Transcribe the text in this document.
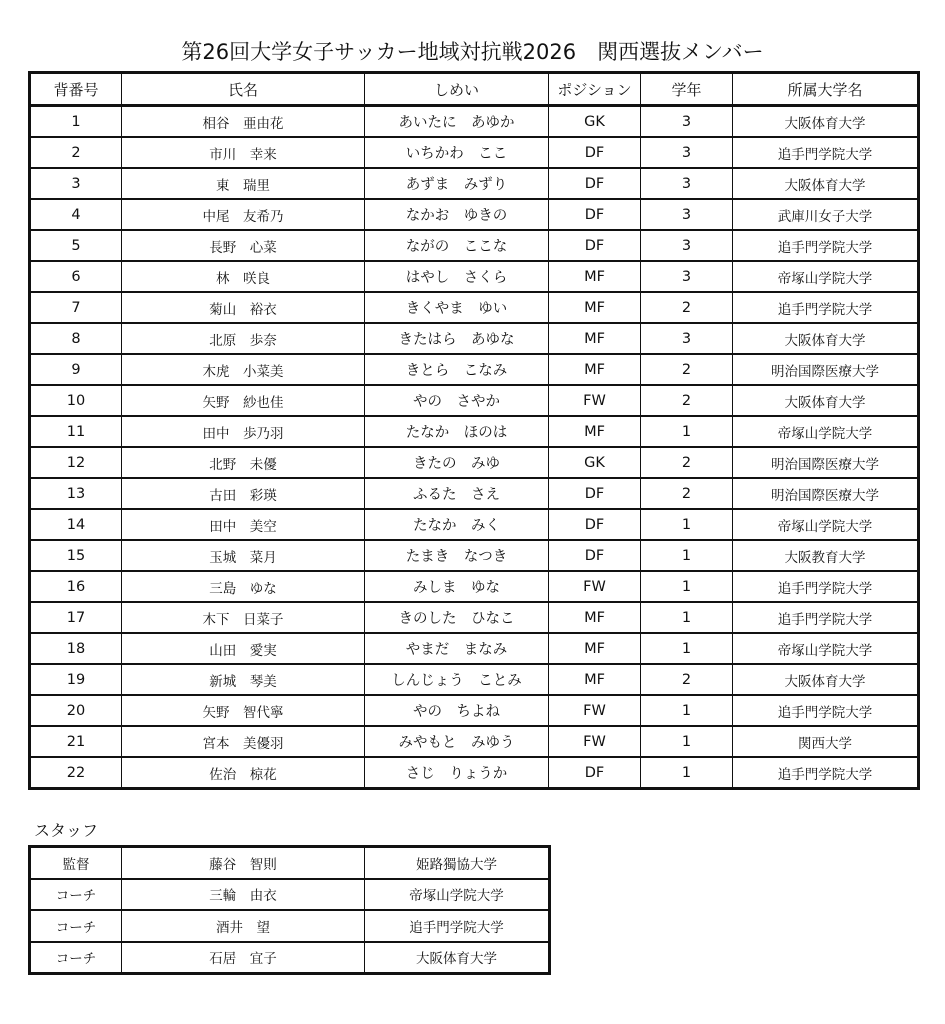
第26回大学女子サッカー地域対抗戦2026　関西選抜メンバー
背番号	氏名	しめい	ポジション	学年	所属大学名
1	相谷　亜由花	あいたに　あゆか	GK	3	大阪体育大学
2	市川　幸来	いちかわ　ここ	DF	3	追手門学院大学
3	東　瑞里	あずま　みずり	DF	3	大阪体育大学
4	中尾　友希乃	なかお　ゆきの	DF	3	武庫川女子大学
5	長野　心菜	ながの　ここな	DF	3	追手門学院大学
6	林　咲良	はやし　さくら	MF	3	帝塚山学院大学
7	菊山　裕衣	きくやま　ゆい	MF	2	追手門学院大学
8	北原　歩奈	きたはら　あゆな	MF	3	大阪体育大学
9	木虎　小菜美	きとら　こなみ	MF	2	明治国際医療大学
10	矢野　紗也佳	やの　さやか	FW	2	大阪体育大学
11	田中　歩乃羽	たなか　ほのは	MF	1	帝塚山学院大学
12	北野　未優	きたの　みゆ	GK	2	明治国際医療大学
13	古田　彩瑛	ふるた　さえ	DF	2	明治国際医療大学
14	田中　美空	たなか　みく	DF	1	帝塚山学院大学
15	玉城　菜月	たまき　なつき	DF	1	大阪教育大学
16	三島　ゆな	みしま　ゆな	FW	1	追手門学院大学
17	木下　日菜子	きのした　ひなこ	MF	1	追手門学院大学
18	山田　愛実	やまだ　まなみ	MF	1	帝塚山学院大学
19	新城　琴美	しんじょう　ことみ	MF	2	大阪体育大学
20	矢野　智代寧	やの　ちよね	FW	1	追手門学院大学
21	宮本　美優羽	みやもと　みゆう	FW	1	関西大学
22	佐治　椋花	さじ　りょうか	DF	1	追手門学院大学
スタッフ
監督	藤谷　智則	姫路獨協大学
コーチ	三輪　由衣	帝塚山学院大学
コーチ	酒井　望	追手門学院大学
コーチ	石居　宜子	大阪体育大学
